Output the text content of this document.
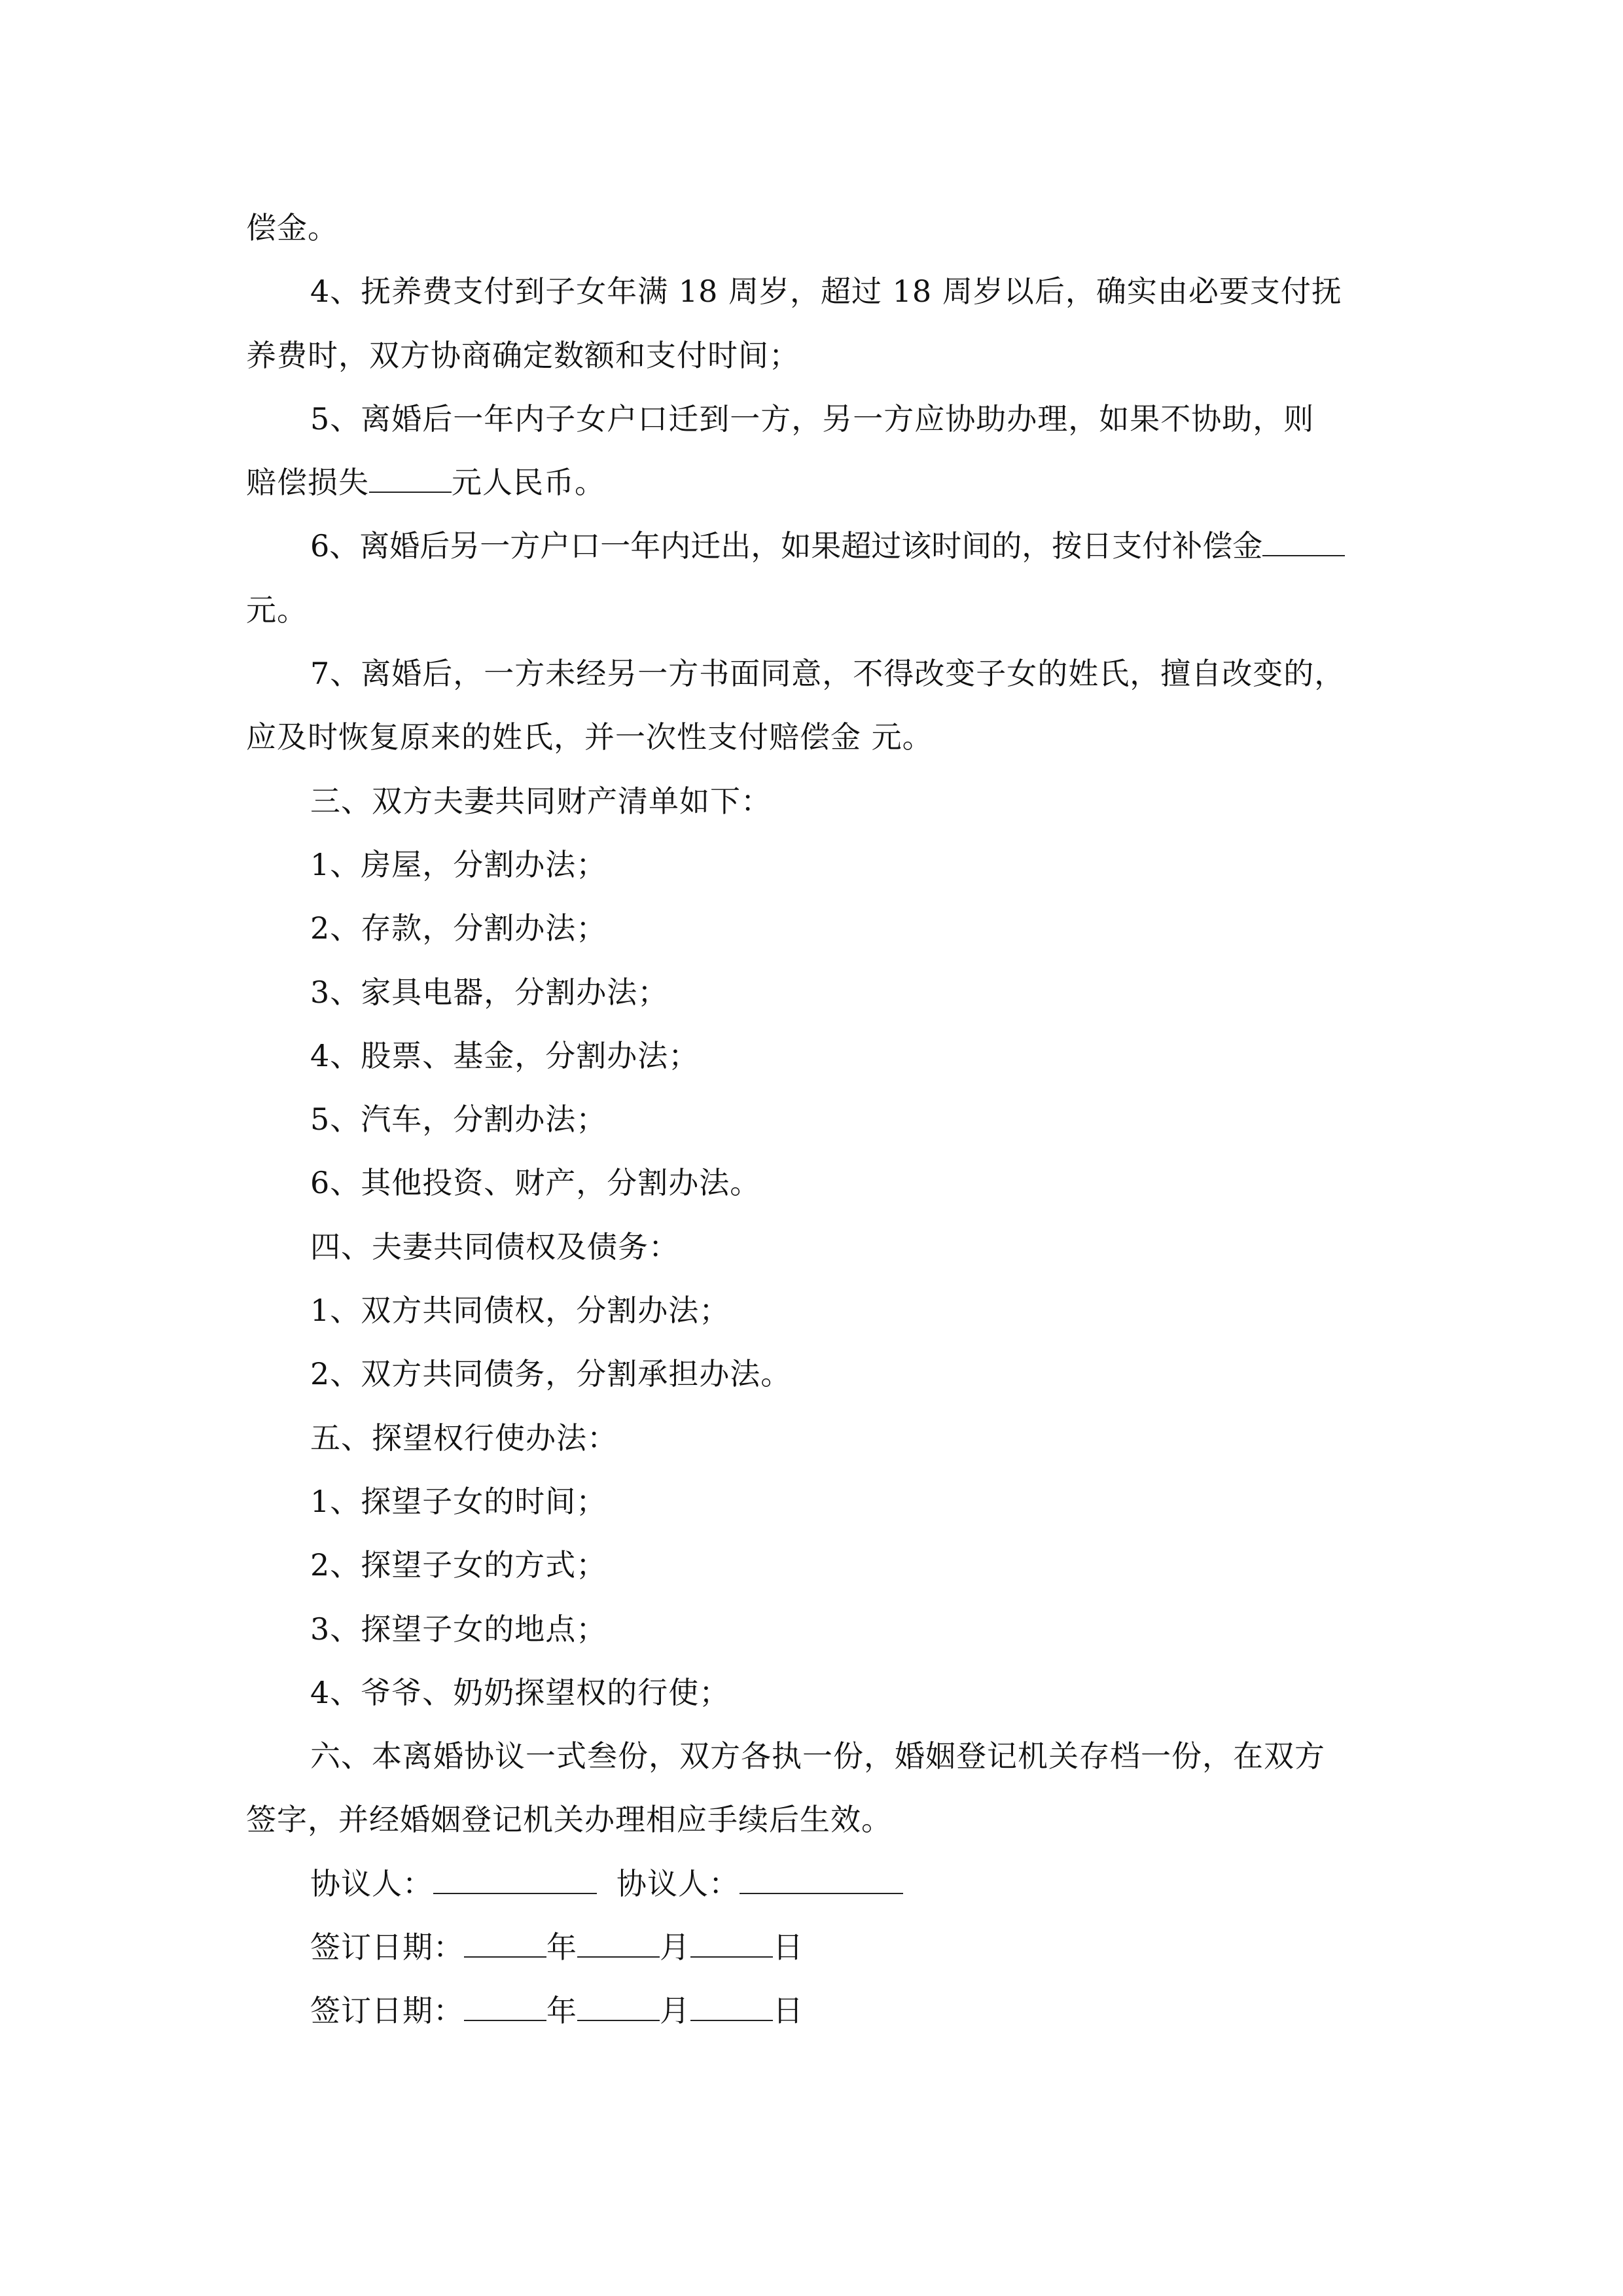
偿金。
4、抚养费支付到子女年满 18 周岁，超过 18 周岁以后，确实由必要支付抚
养费时，双方协商确定数额和支付时间；
5、离婚后一年内子女户口迁到一方，另一方应协助办理，如果不协助，则
赔偿损失	元人民币。
6、离婚后另一方户口一年内迁出，如果超过该时间的，按日支付补偿金
元。
7、离婚后，一方未经另一方书面同意，不得改变子女的姓氏，擅自改变的，
应及时恢复原来的姓氏，并一次性支付赔偿金 元。
三、双方夫妻共同财产清单如下：
1、房屋，分割办法；
2、存款，分割办法；
3、家具电器，分割办法；
4、股票、基金，分割办法；
5、汽车，分割办法；
6、其他投资、财产，分割办法。
四、夫妻共同债权及债务：
1、双方共同债权，分割办法；
2、双方共同债务，分割承担办法。
五、探望权行使办法：
1、探望子女的时间；
2、探望子女的方式；
3、探望子女的地点；
4、爷爷、奶奶探望权的行使；
六、本离婚协议一式叁份，双方各执一份，婚姻登记机关存档一份，在双方
签字，并经婚姻登记机关办理相应手续后生效。
协议人：	协议人：
签订日期：	年	月	日
签订日期：	年	月	日
